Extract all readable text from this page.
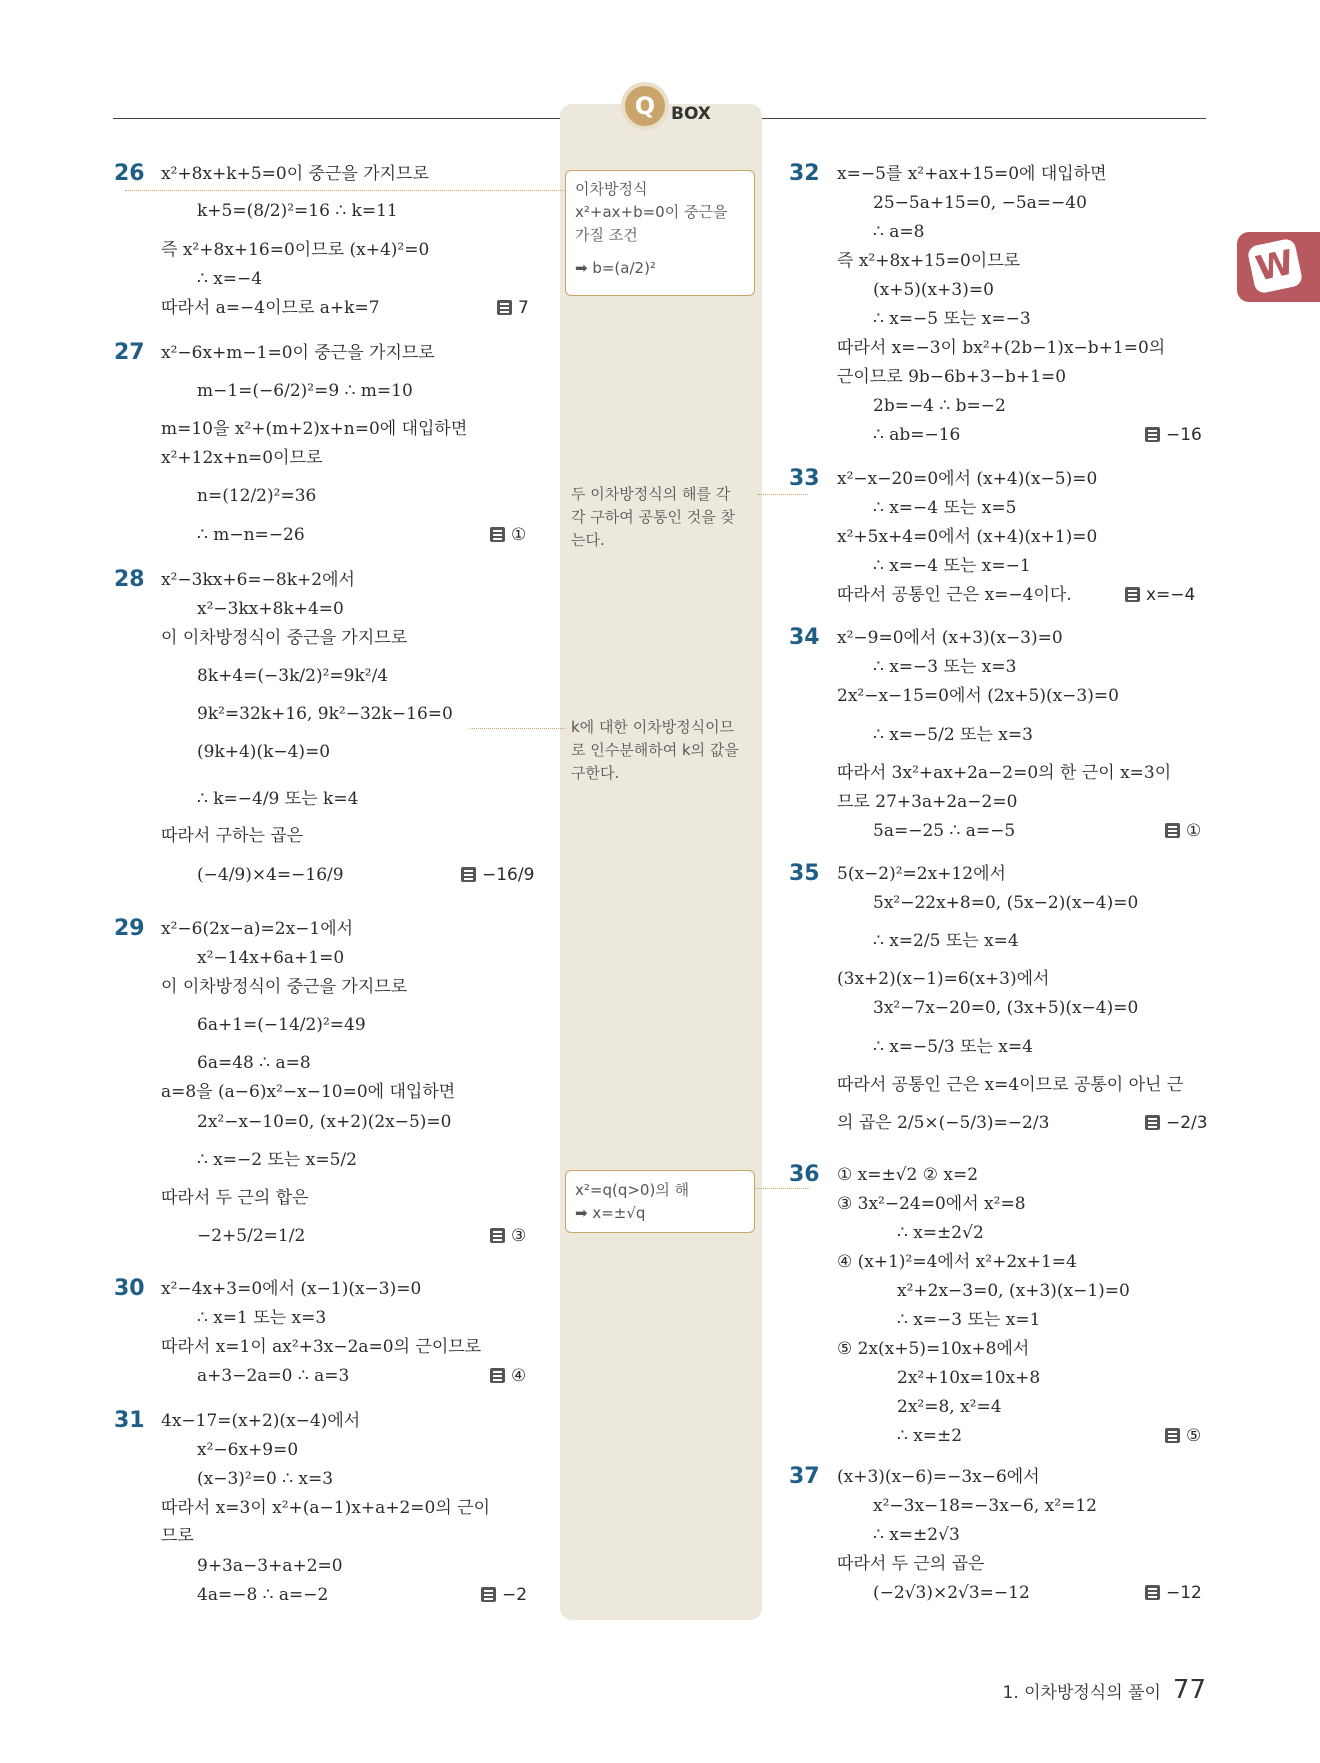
Q BOX
W
이차방정식
x²+ax+b=0이 중근을
가질 조건
➡ b=(a/2)²
두 이차방정식의 해를 각
각 구하여 공통인 것을 찾
는다.
k에 대한 이차방정식이므
로 인수분해하여 k의 값을
구한다.
x²=q(q>0)의 해
➡ x=±√q
26 x²+8x+k+5=0이 중근을 가지므로
k+5=(8/2)²=16 ∴ k=11
즉 x²+8x+16=0이므로 (x+4)²=0
∴ x=−4
따라서 a=−4이므로 a+k=7	7
27 x²−6x+m−1=0이 중근을 가지므로
m−1=(−6/2)²=9 ∴ m=10
m=10을 x²+(m+2)x+n=0에 대입하면
x²+12x+n=0이므로
n=(12/2)²=36
∴ m−n=−26	①
28 x²−3kx+6=−8k+2에서
x²−3kx+8k+4=0
이 이차방정식이 중근을 가지므로
8k+4=(−3k/2)²=9k²/4
9k²=32k+16, 9k²−32k−16=0
(9k+4)(k−4)=0
∴ k=−4/9 또는 k=4
따라서 구하는 곱은
(−4/9)×4=−16/9	−16/9
29 x²−6(2x−a)=2x−1에서
x²−14x+6a+1=0
이 이차방정식이 중근을 가지므로
6a+1=(−14/2)²=49
6a=48 ∴ a=8
a=8을 (a−6)x²−x−10=0에 대입하면
2x²−x−10=0, (x+2)(2x−5)=0
∴ x=−2 또는 x=5/2
따라서 두 근의 합은
−2+5/2=1/2	③
30 x²−4x+3=0에서 (x−1)(x−3)=0
∴ x=1 또는 x=3
따라서 x=1이 ax²+3x−2a=0의 근이므로
a+3−2a=0 ∴ a=3	④
31 4x−17=(x+2)(x−4)에서
x²−6x+9=0
(x−3)²=0 ∴ x=3
따라서 x=3이 x²+(a−1)x+a+2=0의 근이
므로
9+3a−3+a+2=0
4a=−8 ∴ a=−2	−2
32 x=−5를 x²+ax+15=0에 대입하면
25−5a+15=0, −5a=−40
∴ a=8
즉 x²+8x+15=0이므로
(x+5)(x+3)=0
∴ x=−5 또는 x=−3
따라서 x=−3이 bx²+(2b−1)x−b+1=0의
근이므로 9b−6b+3−b+1=0
2b=−4 ∴ b=−2
∴ ab=−16	−16
33 x²−x−20=0에서 (x+4)(x−5)=0
∴ x=−4 또는 x=5
x²+5x+4=0에서 (x+4)(x+1)=0
∴ x=−4 또는 x=−1
따라서 공통인 근은 x=−4이다.	x=−4
34 x²−9=0에서 (x+3)(x−3)=0
∴ x=−3 또는 x=3
2x²−x−15=0에서 (2x+5)(x−3)=0
∴ x=−5/2 또는 x=3
따라서 3x²+ax+2a−2=0의 한 근이 x=3이
므로 27+3a+2a−2=0
5a=−25 ∴ a=−5	①
35 5(x−2)²=2x+12에서
5x²−22x+8=0, (5x−2)(x−4)=0
∴ x=2/5 또는 x=4
(3x+2)(x−1)=6(x+3)에서
3x²−7x−20=0, (3x+5)(x−4)=0
∴ x=−5/3 또는 x=4
따라서 공통인 근은 x=4이므로 공통이 아닌 근
의 곱은 2/5×(−5/3)=−2/3	−2/3
36 ① x=±√2 ② x=2
③ 3x²−24=0에서 x²=8
∴ x=±2√2
④ (x+1)²=4에서 x²+2x+1=4
x²+2x−3=0, (x+3)(x−1)=0
∴ x=−3 또는 x=1
⑤ 2x(x+5)=10x+8에서
2x²+10x=10x+8
2x²=8, x²=4
∴ x=±2	⑤
37 (x+3)(x−6)=−3x−6에서
x²−3x−18=−3x−6, x²=12
∴ x=±2√3
따라서 두 근의 곱은
(−2√3)×2√3=−12	−12
1. 이차방정식의 풀이 77
